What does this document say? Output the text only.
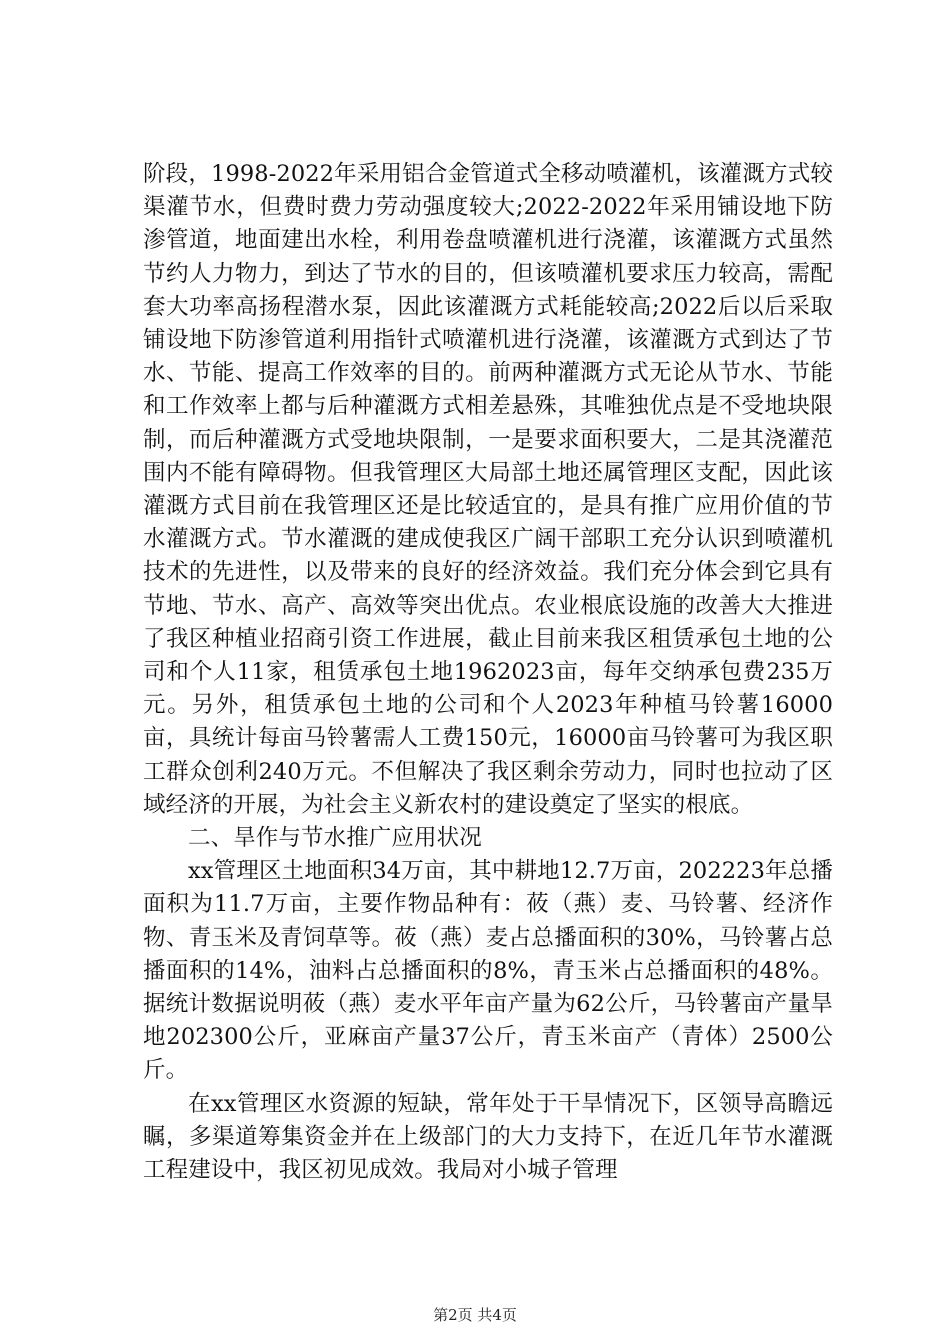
阶段，1998-2022年采用铝合金管道式全移动喷灌机，该灌溉方式较渠灌节水，但费时费力劳动强度较大;2022-2022年采用铺设地下防渗管道，地面建出水栓，利用卷盘喷灌机进行浇灌，该灌溉方式虽然节约人力物力，到达了节水的目的，但该喷灌机要求压力较高，需配套大功率高扬程潜水泵，因此该灌溉方式耗能较高;2022后以后采取铺设地下防渗管道利用指针式喷灌机进行浇灌，该灌溉方式到达了节水、节能、提高工作效率的目的。前两种灌溉方式无论从节水、节能和工作效率上都与后种灌溉方式相差悬殊，其唯独优点是不受地块限制，而后种灌溉方式受地块限制，一是要求面积要大，二是其浇灌范围内不能有障碍物。但我管理区大局部土地还属管理区支配，因此该灌溉方式目前在我管理区还是比较适宜的，是具有推广应用价值的节水灌溉方式。节水灌溉的建成使我区广阔干部职工充分认识到喷灌机技术的先进性，以及带来的良好的经济效益。我们充分体会到它具有节地、节水、高产、高效等突出优点。农业根底设施的改善大大推进了我区种植业招商引资工作进展，截止目前来我区租赁承包土地的公司和个人11家，租赁承包土地1962023亩，每年交纳承包费235万元。另外，租赁承包土地的公司和个人2023年种植马铃薯16000亩，具统计每亩马铃薯需人工费150元，16000亩马铃薯可为我区职工群众创利240万元。不但解决了我区剩余劳动力，同时也拉动了区域经济的开展，为社会主义新农村的建设奠定了坚实的根底。

二、旱作与节水推广应用状况

xx管理区土地面积34万亩，其中耕地12.7万亩，202223年总播面积为11.7万亩，主要作物品种有：莜（燕）麦、马铃薯、经济作物、青玉米及青饲草等。莜（燕）麦占总播面积的30%，马铃薯占总播面积的14%，油料占总播面积的8%，青玉米占总播面积的48%。据统计数据说明莜（燕）麦水平年亩产量为62公斤，马铃薯亩产量旱地202300公斤，亚麻亩产量37公斤，青玉米亩产（青体）2500公斤。

在xx管理区水资源的短缺，常年处于干旱情况下，区领导高瞻远瞩，多渠道筹集资金并在上级部门的大力支持下，在近几年节水灌溉工程建设中，我区初见成效。我局对小城子管理

第2页 共4页
